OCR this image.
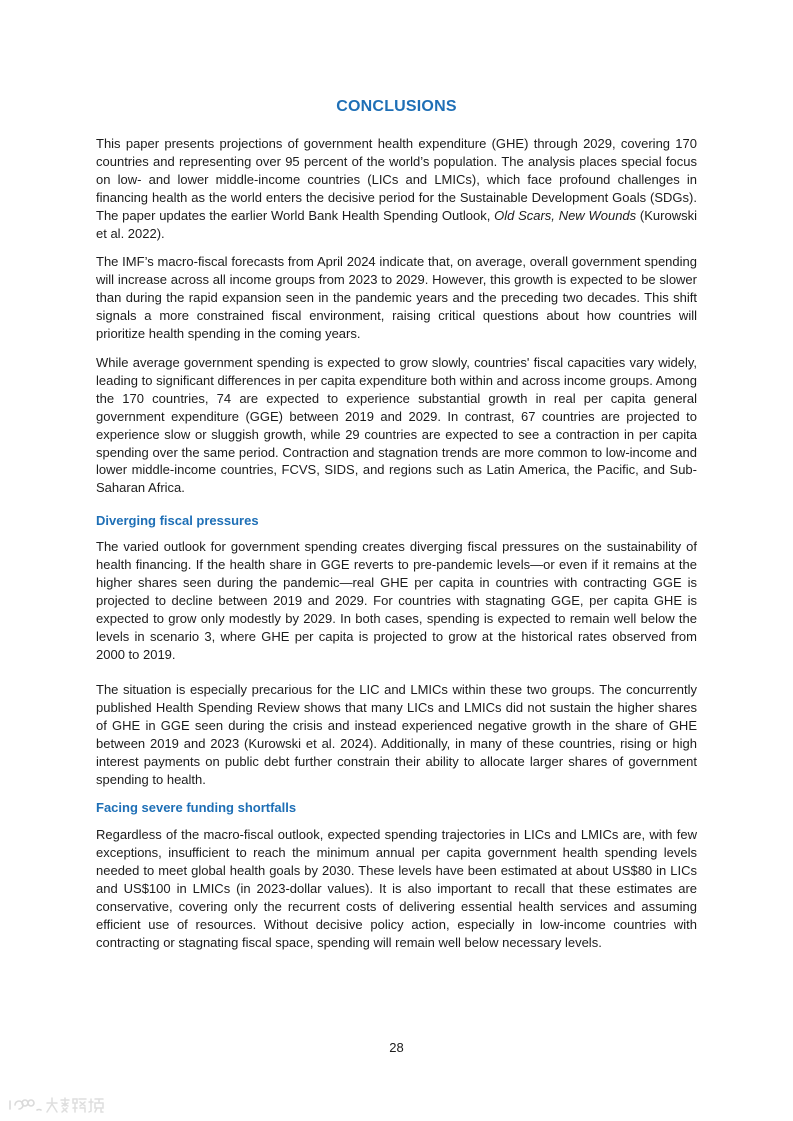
CONCLUSIONS

This paper presents projections of government health expenditure (GHE) through 2029, covering 170 countries and representing over 95 percent of the world’s population. The analysis places special focus on low- and lower middle-income countries (LICs and LMICs), which face profound challenges in financing health as the world enters the decisive period for the Sustainable Development Goals (SDGs). The paper updates the earlier World Bank Health Spending Outlook, Old Scars, New Wounds (Kurowski et al. 2022).

The IMF’s macro-fiscal forecasts from April 2024 indicate that, on average, overall government spending will increase across all income groups from 2023 to 2029. However, this growth is expected to be slower than during the rapid expansion seen in the pandemic years and the preceding two decades. This shift signals a more constrained fiscal environment, raising critical questions about how countries will prioritize health spending in the coming years.

While average government spending is expected to grow slowly, countries' fiscal capacities vary widely, leading to significant differences in per capita expenditure both within and across income groups. Among the 170 countries, 74 are expected to experience substantial growth in real per capita general government expenditure (GGE) between 2019 and 2029. In contrast, 67 countries are projected to experience slow or sluggish growth, while 29 countries are expected to see a contraction in per capita spending over the same period. Contraction and stagnation trends are more common to low-income and lower middle-income countries, FCVS, SIDS, and regions such as Latin America, the Pacific, and Sub-Saharan Africa.

Diverging fiscal pressures

The varied outlook for government spending creates diverging fiscal pressures on the sustainability of health financing. If the health share in GGE reverts to pre-pandemic levels—or even if it remains at the higher shares seen during the pandemic—real GHE per capita in countries with contracting GGE is projected to decline between 2019 and 2029. For countries with stagnating GGE, per capita GHE is expected to grow only modestly by 2029. In both cases, spending is expected to remain well below the levels in scenario 3, where GHE per capita is projected to grow at the historical rates observed from 2000 to 2019.

The situation is especially precarious for the LIC and LMICs within these two groups. The concurrently published Health Spending Review shows that many LICs and LMICs did not sustain the higher shares of GHE in GGE seen during the crisis and instead experienced negative growth in the share of GHE between 2019 and 2023 (Kurowski et al. 2024). Additionally, in many of these countries, rising or high interest payments on public debt further constrain their ability to allocate larger shares of government spending to health.

Facing severe funding shortfalls

Regardless of the macro-fiscal outlook, expected spending trajectories in LICs and LMICs are, with few exceptions, insufficient to reach the minimum annual per capita government health spending levels needed to meet global health goals by 2030. These levels have been estimated at about US$80 in LICs and US$100 in LMICs (in 2023-dollar values). It is also important to recall that these estimates are conservative, covering only the recurrent costs of delivering essential health services and assuming efficient use of resources. Without decisive policy action, especially in low-income countries with contracting or stagnating fiscal space, spending will remain well below necessary levels.

28
